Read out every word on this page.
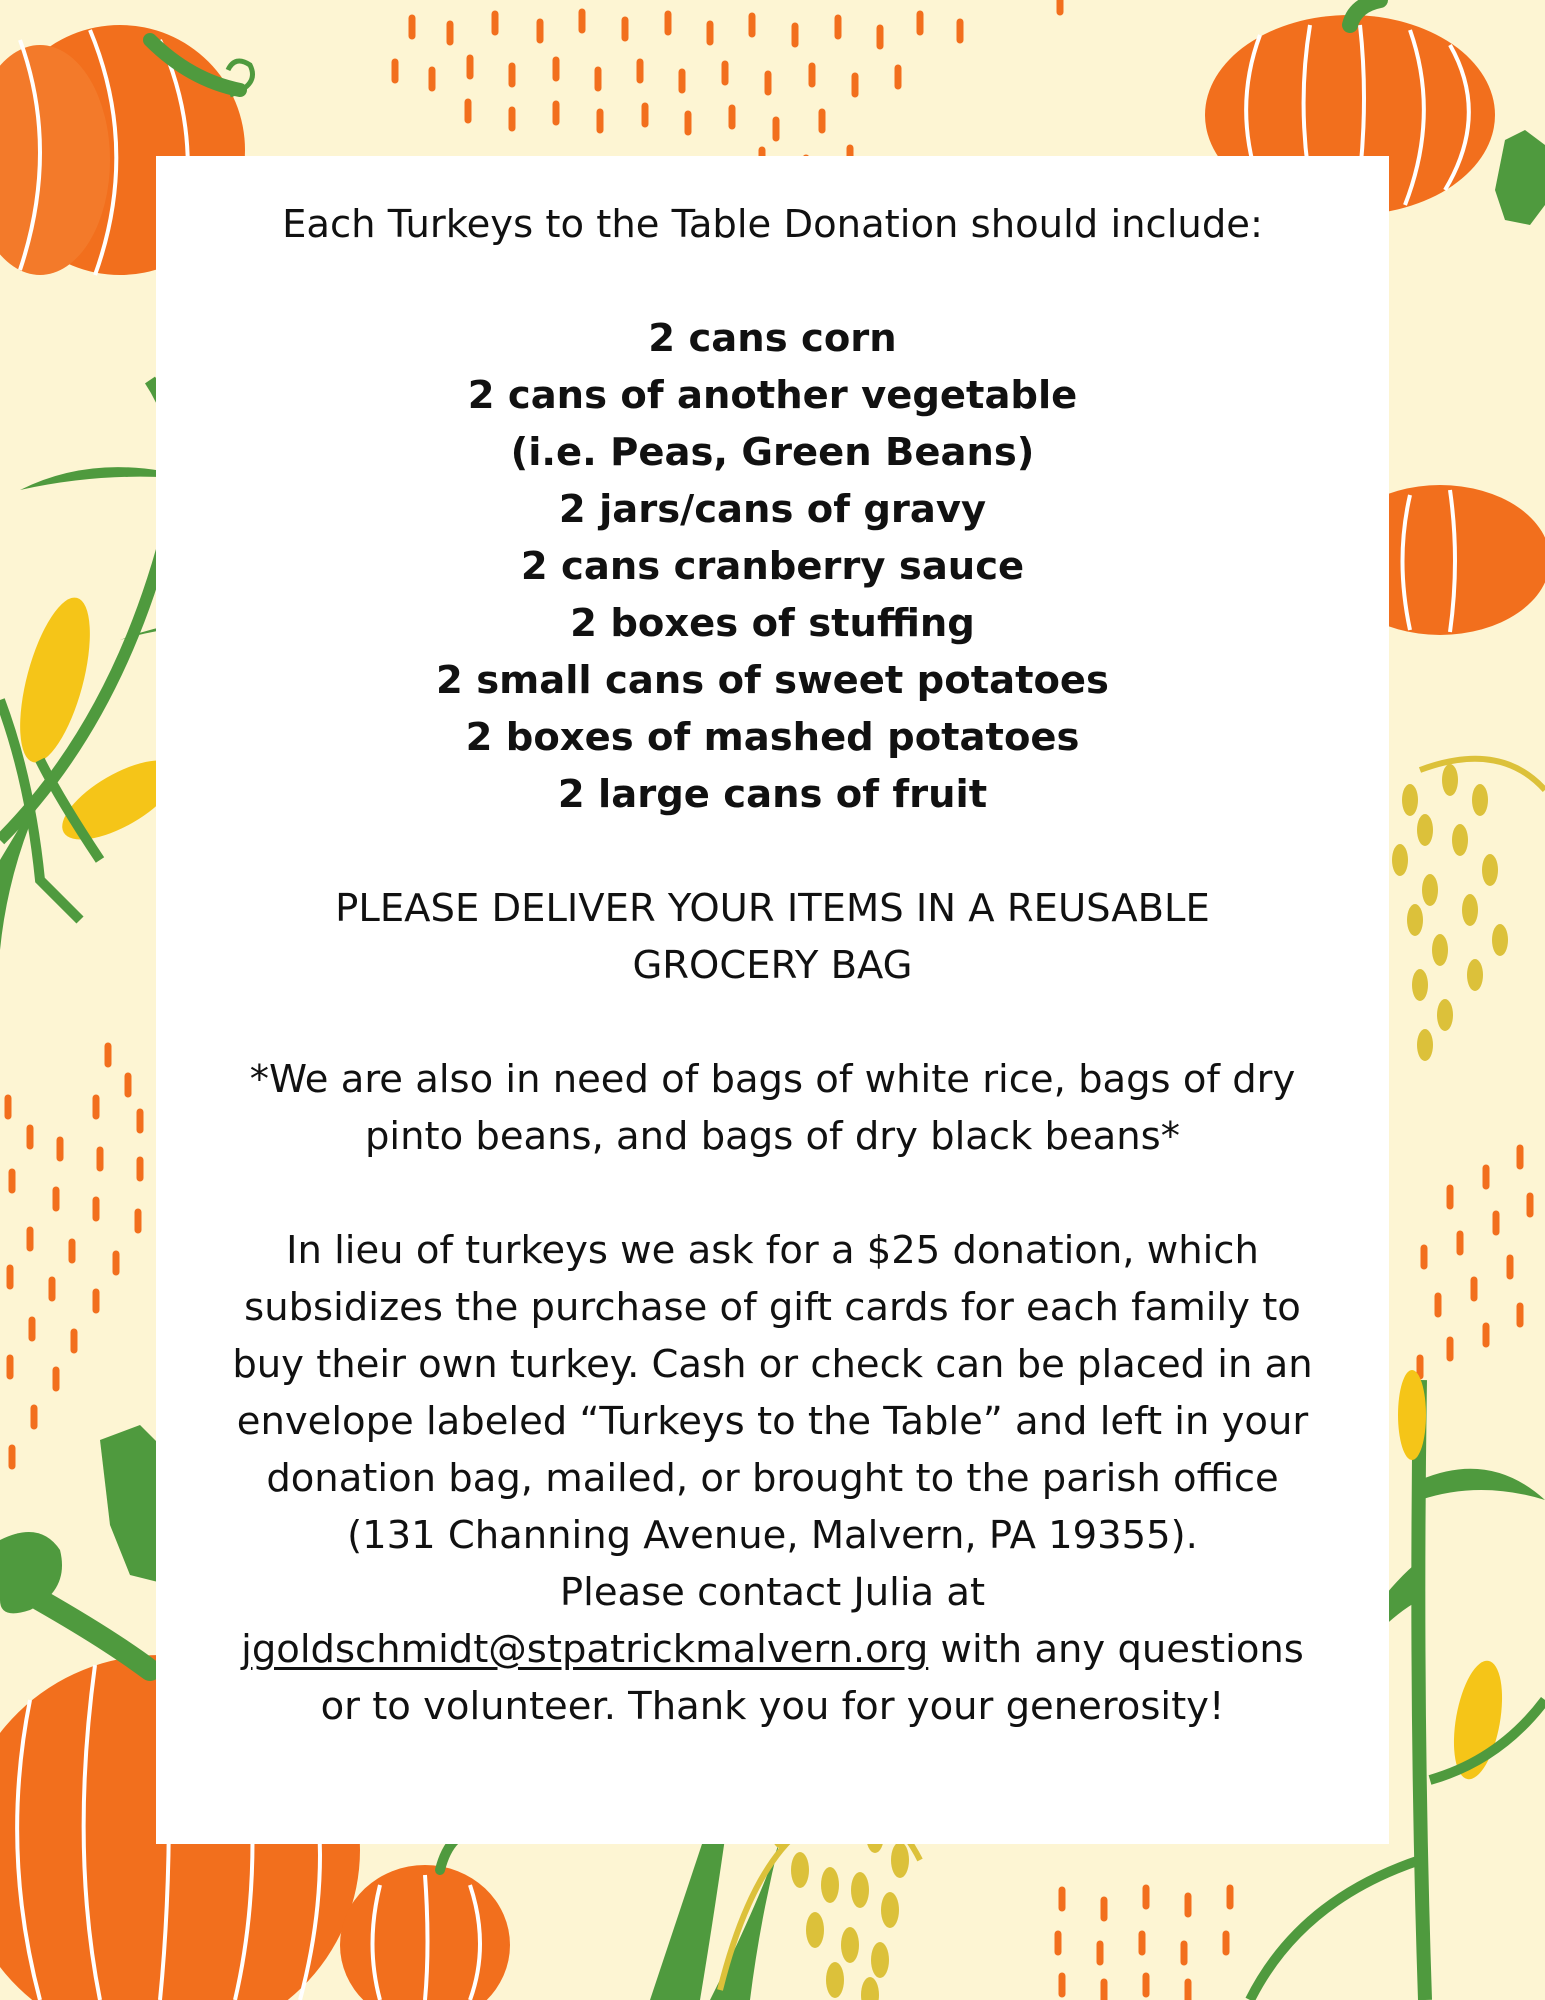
Each Turkeys to the Table Donation should include:

2 cans corn
2 cans of another vegetable
(i.e. Peas, Green Beans)
2 jars/cans of gravy
2 cans cranberry sauce
2 boxes of stuffing
2 small cans of sweet potatoes
2 boxes of mashed potatoes
2 large cans of fruit

PLEASE DELIVER YOUR ITEMS IN A REUSABLE

GROCERY BAG

*We are also in need of bags of white rice, bags of dry

pinto beans, and bags of dry black beans*

In lieu of turkeys we ask for a $25 donation, which

subsidizes the purchase of gift cards for each family to

buy their own turkey. Cash or check can be placed in an

envelope labeled “Turkeys to the Table” and left in your

donation bag, mailed, or brought to the parish office

(131 Channing Avenue, Malvern, PA 19355).

Please contact Julia at

jgoldschmidt@stpatrickmalvern.org with any questions

or to volunteer. Thank you for your generosity!
